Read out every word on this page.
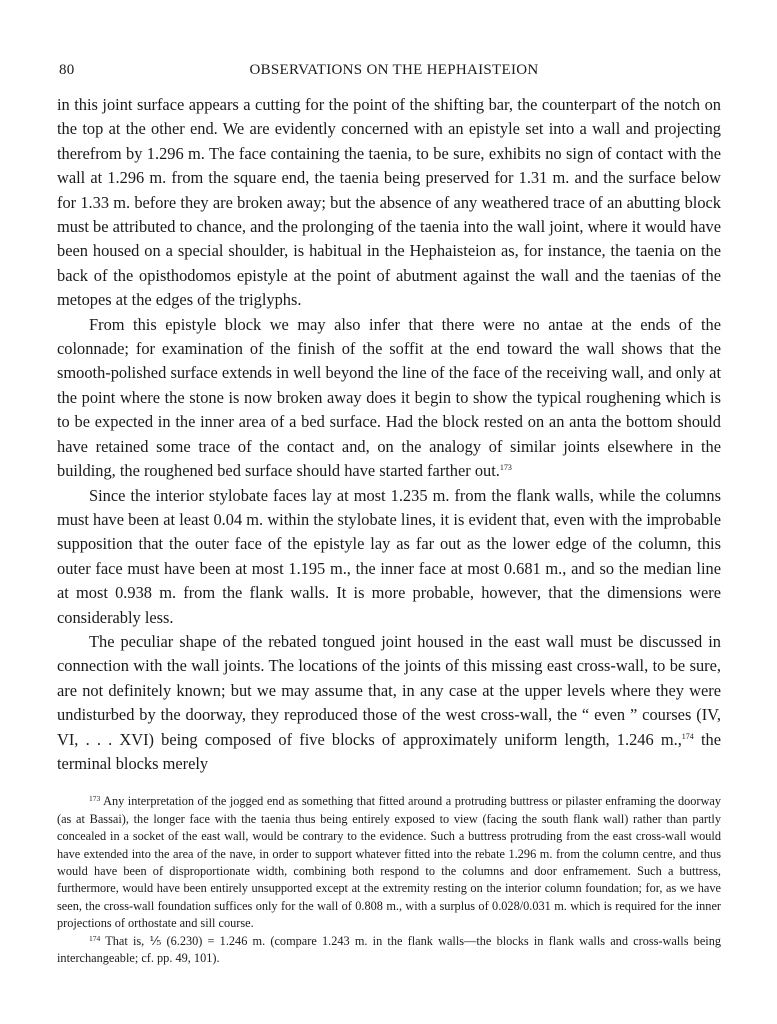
80	OBSERVATIONS ON THE HEPHAISTEION

in this joint surface appears a cutting for the point of the shifting bar, the counterpart of the notch on the top at the other end. We are evidently concerned with an epistyle set into a wall and projecting therefrom by 1.296 m. The face containing the taenia, to be sure, exhibits no sign of contact with the wall at 1.296 m. from the square end, the taenia being preserved for 1.31 m. and the surface below for 1.33 m. before they are broken away; but the absence of any weathered trace of an abutting block must be attributed to chance, and the prolonging of the taenia into the wall joint, where it would have been housed on a special shoulder, is habitual in the Hephaisteion as, for instance, the taenia on the back of the opisthodomos epistyle at the point of abutment against the wall and the taenias of the metopes at the edges of the triglyphs.

From this epistyle block we may also infer that there were no antae at the ends of the colonnade; for examination of the finish of the soffit at the end toward the wall shows that the smooth-polished surface extends in well beyond the line of the face of the receiving wall, and only at the point where the stone is now broken away does it begin to show the typical roughening which is to be expected in the inner area of a bed surface. Had the block rested on an anta the bottom should have retained some trace of the contact and, on the analogy of similar joints elsewhere in the building, the roughened bed surface should have started farther out.$^{173}$

Since the interior stylobate faces lay at most 1.235 m. from the flank walls, while the columns must have been at least 0.04 m. within the stylobate lines, it is evident that, even with the improbable supposition that the outer face of the epistyle lay as far out as the lower edge of the column, this outer face must have been at most 1.195 m., the inner face at most 0.681 m., and so the median line at most 0.938 m. from the flank walls. It is more probable, however, that the dimensions were considerably less.

The peculiar shape of the rebated tongued joint housed in the east wall must be discussed in connection with the wall joints. The locations of the joints of this missing east cross-wall, to be sure, are not definitely known; but we may assume that, in any case at the upper levels where they were undisturbed by the doorway, they reproduced those of the west cross-wall, the “ even ” courses (IV, VI, . . . XVI) being composed of five blocks of approximately uniform length, 1.246 m.,$^{174}$ the terminal blocks merely

$^{173}$ Any interpretation of the jogged end as something that fitted around a protruding buttress or pilaster enframing the doorway (as at Bassai), the longer face with the taenia thus being entirely exposed to view (facing the south flank wall) rather than partly concealed in a socket of the east wall, would be contrary to the evidence. Such a buttress protruding from the east cross-wall would have extended into the area of the nave, in order to support whatever fitted into the rebate 1.296 m. from the column centre, and thus would have been of disproportionate width, combining both respond to the columns and door enframement. Such a buttress, furthermore, would have been entirely unsupported except at the extremity resting on the interior column foundation; for, as we have seen, the cross-wall foundation suffices only for the wall of 0.808 m., with a surplus of 0.028/0.031 m. which is required for the inner projections of orthostate and sill course.

$^{174}$ That is, ⅕ (6.230) = 1.246 m. (compare 1.243 m. in the flank walls—the blocks in flank walls and cross-walls being interchangeable; cf. pp. 49, 101).
